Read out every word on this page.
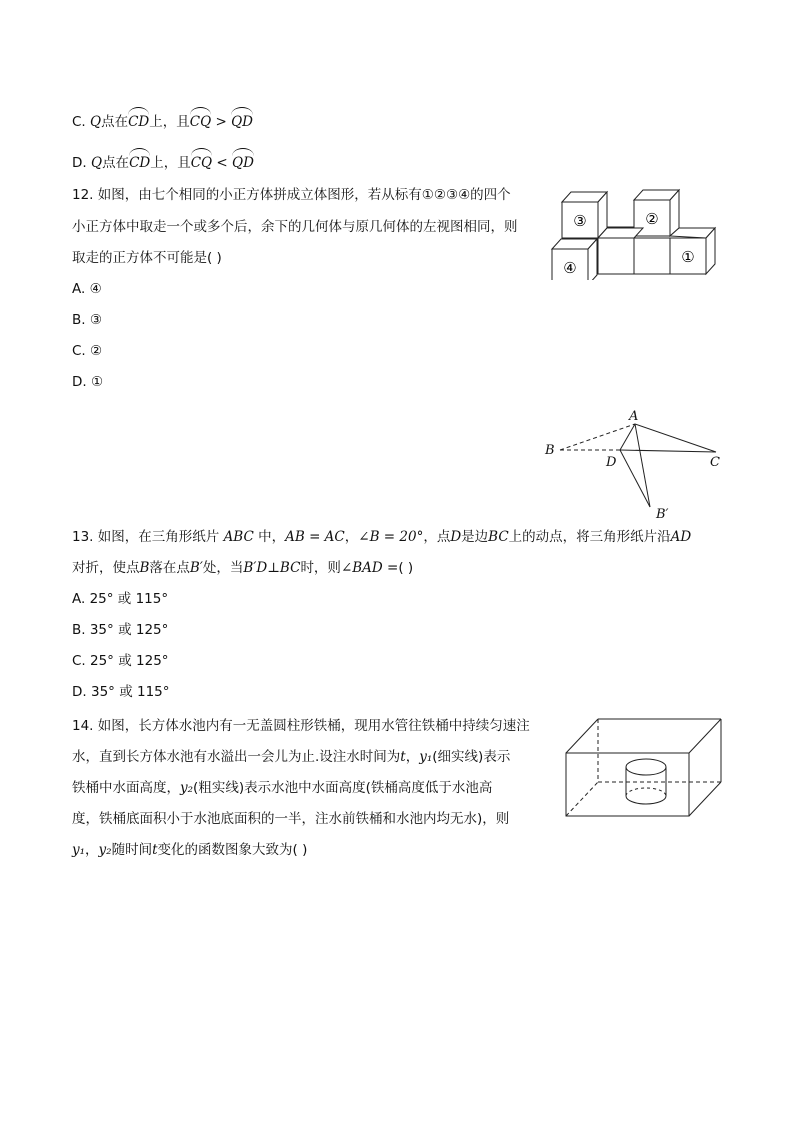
C. Q点在CD上，且CQ > QD
D. Q点在CD上，且CQ < QD
12. 如图，由七个相同的小正方体拼成立体图形，若从标有①②③④的四个
小正方体中取走一个或多个后，余下的几何体与原几何体的左视图相同，则
取走的正方体不可能是( )
A. ④
B. ③
C. ②
D. ①
③	②
④
①
A
B
D	C
B′
13. 如图，在三角形纸片 ABC 中，AB = AC，∠B = 20°，点D是边BC上的动点，将三角形纸片沿AD
对折，使点B落在点B′处，当B′D⊥BC时，则∠BAD =( )
A. 25° 或 115°
B. 35° 或 125°
C. 25° 或 125°
D. 35° 或 115°
14. 如图，长方体水池内有一无盖圆柱形铁桶，现用水管往铁桶中持续匀速注
水，直到长方体水池有水溢出一会儿为止.设注水时间为t，y₁(细实线)表示
铁桶中水面高度，y₂(粗实线)表示水池中水面高度(铁桶高度低于水池高
度，铁桶底面积小于水池底面积的一半，注水前铁桶和水池内均无水)，则
y₁，y₂随时间t变化的函数图象大致为( )
